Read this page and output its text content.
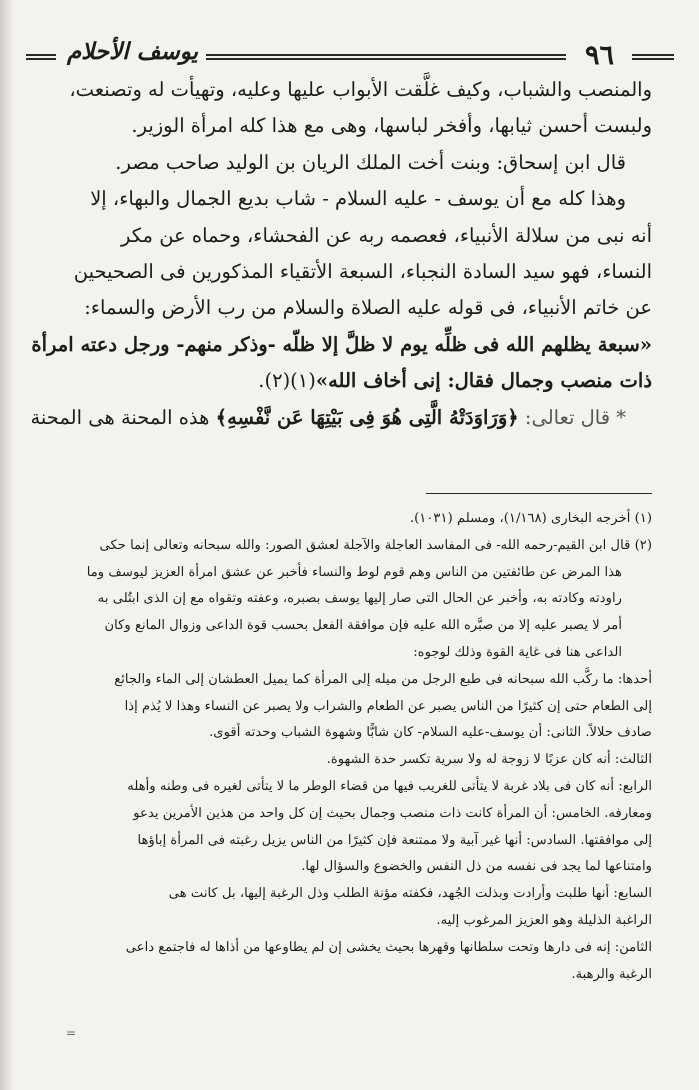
٩٦
يوسف الأحلام

والمنصب والشباب، وكيف غلَّقت الأبواب عليها وعليه، وتهيأت له وتصنعت،

ولبست أحسن ثيابها، وأفخر لباسها، وهى مع هذا كله امرأة الوزير.

قال ابن إسحاق: وبنت أخت الملك الريان بن الوليد صاحب مصر.

وهذا كله مع أن يوسف - عليه السلام - شاب بديع الجمال والبهاء، إلا

أنه نبى من سلالة الأنبياء، فعصمه ربه عن الفحشاء، وحماه عن مكر

النساء، فهو سيد السادة النجباء، السبعة الأتقياء المذكورين فى الصحيحين

عن خاتم الأنبياء، فى قوله عليه الصلاة والسلام من رب الأرض والسماء:

«سبعة يظلهم الله فى ظلِّه يوم لا ظلَّ إلا ظلّه -وذكر منهم- ورجل دعته امرأة

ذات منصب وجمال فقال: إنى أخاف الله»(١)(٢).

* قال تعالى: ﴿وَرَاوَدَتْهُ الَّتِى هُوَ فِى بَيْتِهَا عَن نَّفْسِهِ﴾ هذه المحنة هى المحنة

(١) أخرجه البخارى (١/١٦٨)، ومسلم (١٠٣١).

(٢) قال ابن القيم-رحمه الله- فى المفاسد العاجلة والآجلة لعشق الصور: والله سبحانه وتعالى إنما حكى

هذا المرض عن طائفتين من الناس وهم قوم لوط والنساء فأخبر عن عشق امرأة العزيز ليوسف وما

راودته وكادته به، وأخبر عن الحال التى صار إليها يوسف بصبره، وعفته وتقواه مع إن الذى ابتُلى به

أمر لا يصبر عليه إلا من صبَّره الله عليه فإن موافقة الفعل بحسب قوة الداعى وزوال المانع وكان

الداعى هنا فى غاية القوة وذلك لوجوه:

أحدها: ما ركَّب الله سبحانه فى طبع الرجل من ميله إلى المرأة كما يميل العطشان إلى الماء والجائع

إلى الطعام حتى إن كثيرًا من الناس يصبر عن الطعام والشراب ولا يصبر عن النساء وهذا لا يُذم إذا

صادف حلالاً. الثانى: أن يوسف-عليه السلام- كان شابًّا وشهوة الشباب وحدته أقوى.

الثالث: أنه كان عزبًا لا زوجة له ولا سرية تكسر حدة الشهوة.

الرابع: أنه كان فى بلاد غربة لا يتأتى للغريب فيها من قضاء الوطر ما لا يتأتى لغيره فى وطنه وأهله

ومعارفه. الخامس: أن المرأة كانت ذات منصب وجمال بحيث إن كل واحد من هذين الأمرين يدعو

إلى موافقتها. السادس: أنها غير آبية ولا ممتنعة فإن كثيرًا من الناس يزيل رغبته فى المرأة إباؤها

وامتناعها لما يجد فى نفسه من ذل النفس والخضوع والسؤال لها.

السابع: أنها طلبت وأرادت وبذلت الجُهد، فكفته مؤنة الطلب وذل الرغبة إليها، بل كانت هى

الراغبة الذليلة وهو العزيز المرغوب إليه.

الثامن: إنه فى دارها وتحت سلطانها وقهرها بحيث يخشى إن لم يطاوعها من أذاها له فاجتمع داعى

الرغبة والرهبة.

=
